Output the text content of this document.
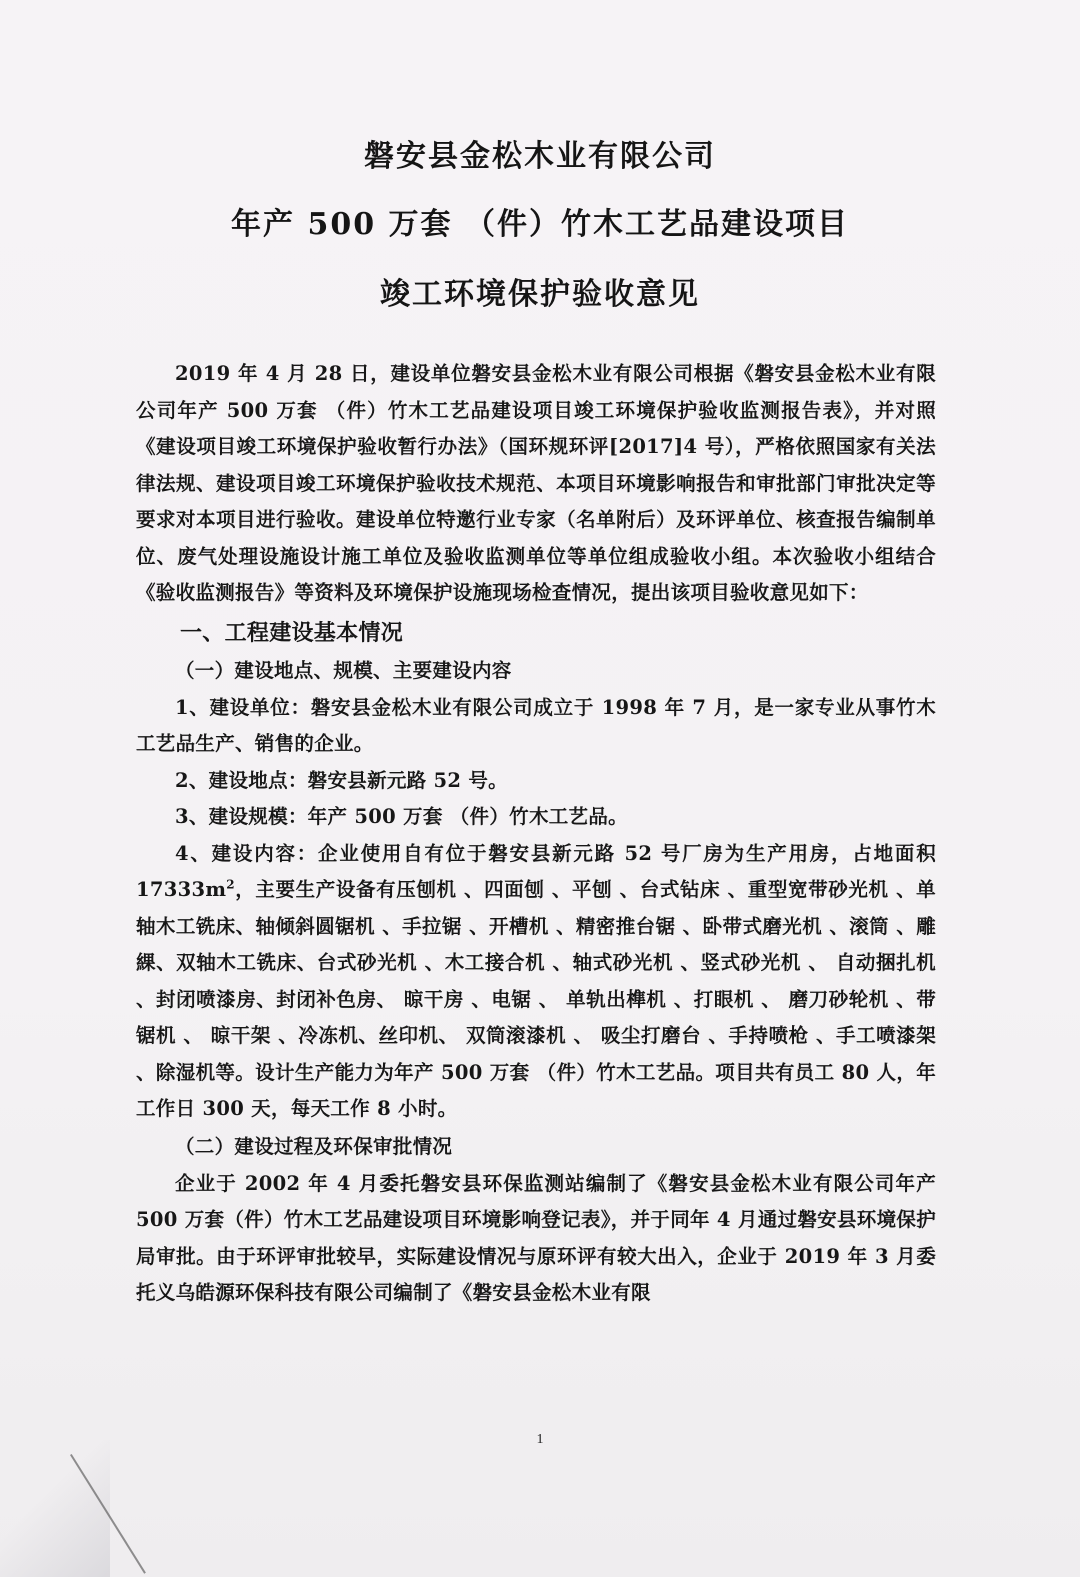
磐安县金松木业有限公司
年产 500 万套 （件）竹木工艺品建设项目
竣工环境保护验收意见

2019 年 4 月 28 日，建设单位磐安县金松木业有限公司根据《磐安县金松木业有限公司年产 500 万套 （件）竹木工艺品建设项目竣工环境保护验收监测报告表》，并对照《建设项目竣工环境保护验收暂行办法》（国环规环评[2017]4 号），严格依照国家有关法律法规、建设项目竣工环境保护验收技术规范、本项目环境影响报告和审批部门审批决定等要求对本项目进行验收。建设单位特邀行业专家（名单附后）及环评单位、核查报告编制单位、废气处理设施设计施工单位及验收监测单位等单位组成验收小组。本次验收小组结合《验收监测报告》等资料及环境保护设施现场检查情况，提出该项目验收意见如下：

一、工程建设基本情况
（一）建设地点、规模、主要建设内容

1、建设单位：磐安县金松木业有限公司成立于 1998 年 7 月，是一家专业从事竹木工艺品生产、销售的企业。

2、建设地点：磐安县新元路 52 号。

3、建设规模：年产 500 万套 （件）竹木工艺品。

4、建设内容：企业使用自有位于磐安县新元路 52 号厂房为生产用房，占地面积 $17333m^2$，主要生产设备有压刨机 、四面刨 、平刨 、台式钻床 、重型宽带砂光机 、单轴木工铣床、轴倾斜圆锯机 、手拉锯 、开槽机 、精密推台锯 、卧带式磨光机 、滚筒 、雕綶、双轴木工铣床、台式砂光机 、木工接合机 、轴式砂光机 、竖式砂光机 、 自动捆扎机 、封闭喷漆房、封闭补色房、 晾干房 、电锯 、 单轨出榫机 、打眼机 、 磨刀砂轮机 、带锯机 、 晾干架 、冷冻机、丝印机、 双筒滚漆机 、 吸尘打磨台 、手持喷枪 、手工喷漆架 、除湿机等。设计生产能力为年产 500 万套 （件）竹木工艺品。项目共有员工 80 人，年工作日 300 天，每天工作 8 小时。

（二）建设过程及环保审批情况

企业于 2002 年 4 月委托磐安县环保监测站编制了《磐安县金松木业有限公司年产 500 万套（件）竹木工艺品建设项目环境影响登记表》，并于同年 4 月通过磐安县环境保护局审批。由于环评审批较早，实际建设情况与原环评有较大出入，企业于 2019 年 3 月委托义乌皓源环保科技有限公司编制了《磐安县金松木业有限

1
